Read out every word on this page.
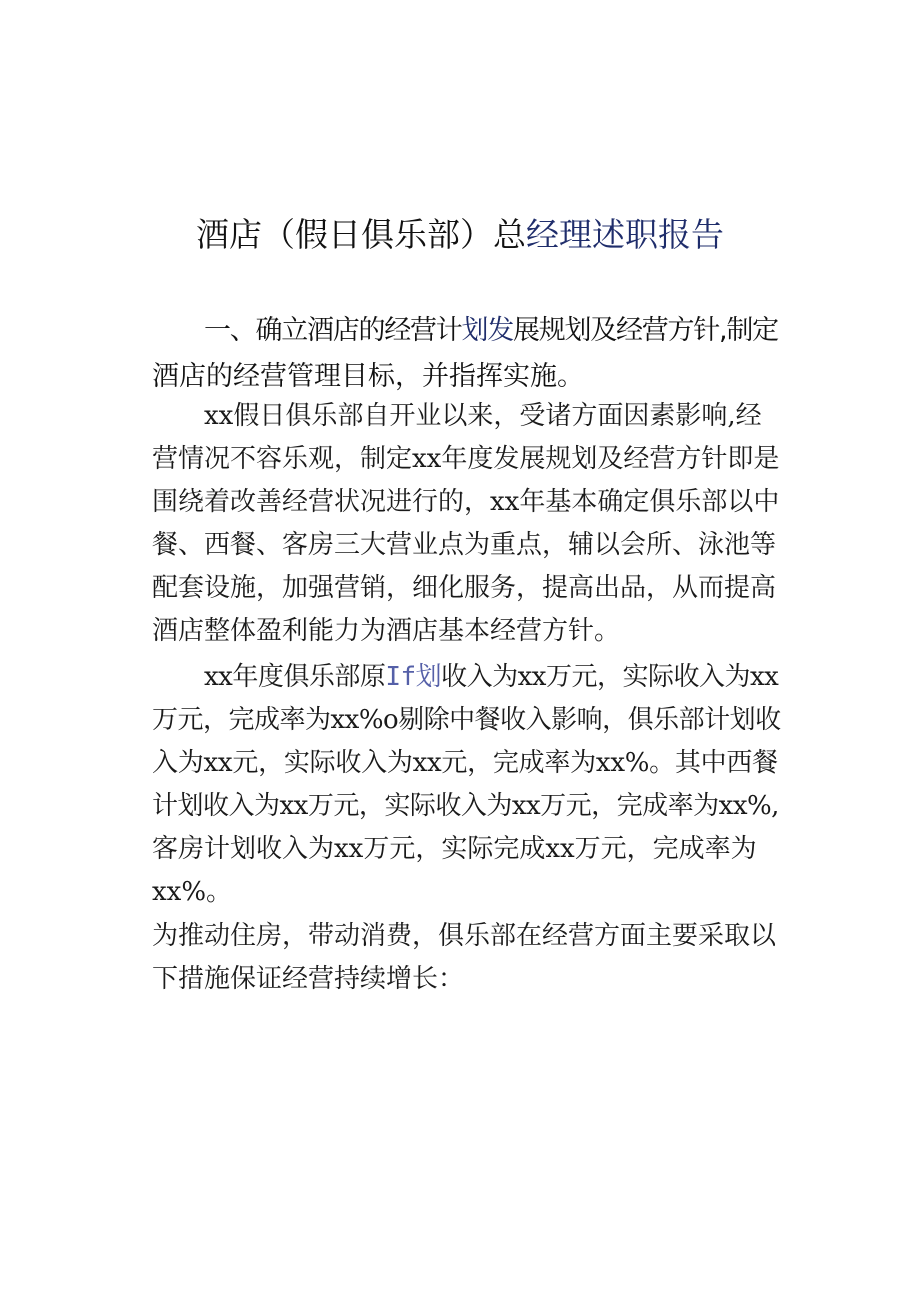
酒店（假日俱乐部）总经理述职报告
一、确立酒店的经营计划发展规划及经营方针,制定
酒店的经营管理目标，并指挥实施。
xx假日俱乐部自开业以来，受诸方面因素影响,经
营情况不容乐观，制定xx年度发展规划及经营方针即是
围绕着改善经营状况进行的，xx年基本确定俱乐部以中
餐、西餐、客房三大营业点为重点，辅以会所、泳池等
配套设施，加强营销，细化服务，提高出品，从而提高
酒店整体盈利能力为酒店基本经营方针。
xx年度俱乐部原If划收入为xx万元，实际收入为xx
万元，完成率为xx%o剔除中餐收入影响，俱乐部计划收
入为xx元，实际收入为xx元，完成率为xx%。其中西餐
计划收入为xx万元，实际收入为xx万元，完成率为xx%,
客房计划收入为xx万元，实际完成xx万元，完成率为
xx%。
为推动住房，带动消费，俱乐部在经营方面主要采取以
下措施保证经营持续增长：
